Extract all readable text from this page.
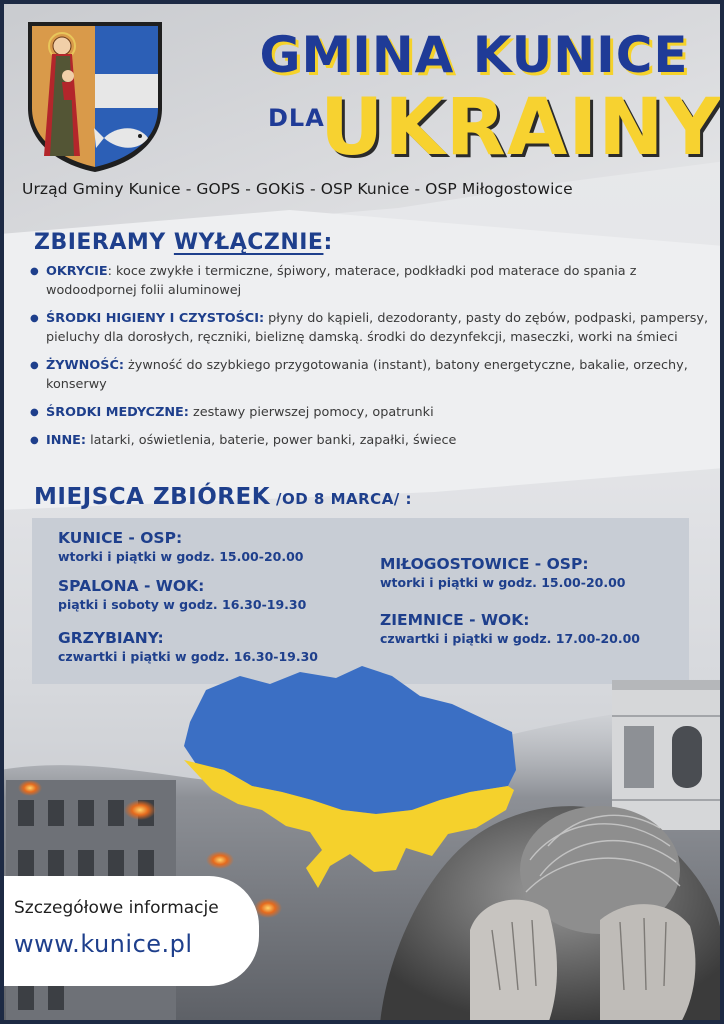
GMINA KUNICE
DLA
UKRAINY
Urząd Gminy Kunice - GOPS - GOKiS - OSP Kunice - OSP Miłogostowice
ZBIERAMY WYŁĄCZNIE:
● OKRYCIE: koce zwykłe i termiczne, śpiwory, materace, podkładki pod materace do spania z wodoodpornej folii aluminowej
● ŚRODKI HIGIENY I CZYSTOŚCI: płyny do kąpieli, dezodoranty, pasty do zębów, podpaski, pampersy, pieluchy dla dorosłych, ręczniki, bieliznę damską. środki do dezynfekcji, maseczki, worki na śmieci
● ŻYWNOŚĆ: żywność do szybkiego przygotowania (instant), batony energetyczne, bakalie, orzechy, konserwy
● ŚRODKI MEDYCZNE: zestawy pierwszej pomocy, opatrunki
● INNE: latarki, oświetlenia, baterie, power banki, zapałki, świece
MIEJSCA ZBIÓREK /OD 8 MARCA/ :
KUNICE - OSP:
wtorki i piątki w godz. 15.00-20.00
SPALONA - WOK:
piątki i soboty w godz. 16.30-19.30
GRZYBIANY:
czwartki i piątki w godz. 16.30-19.30
MIŁOGOSTOWICE - OSP:
wtorki i piątki w godz. 15.00-20.00
ZIEMNICE - WOK:
czwartki i piątki w godz. 17.00-20.00
Szczegółowe informacje
www.kunice.pl
